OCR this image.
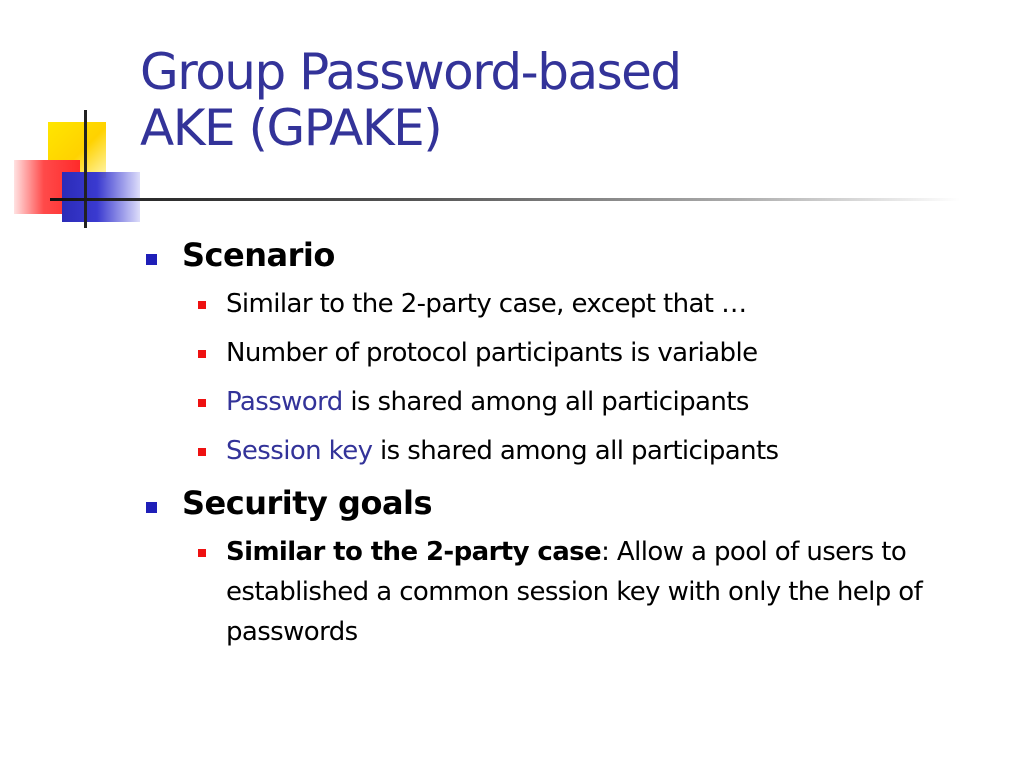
Group Password-based
AKE (GPAKE)
Scenario
Similar to the 2-party case, except that …
Number of protocol participants is variable
Password is shared among all participants
Session key is shared among all participants
Security goals
Similar to the 2-party case: Allow a pool of users to established a common session key with only the help of passwords
